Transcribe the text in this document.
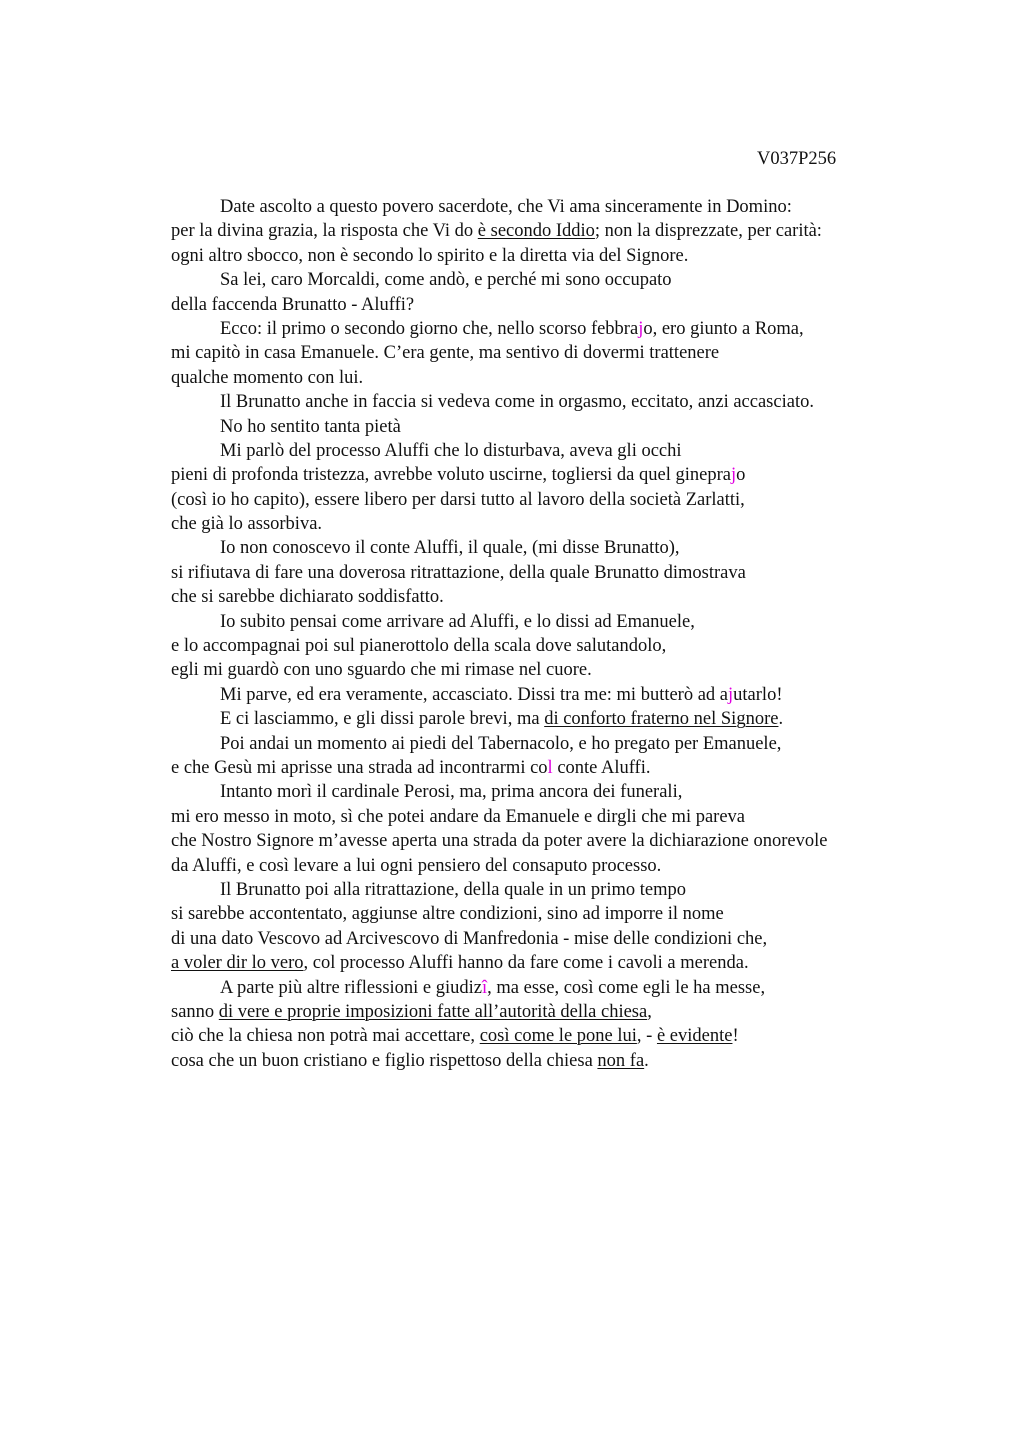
V037P256
Date ascolto a questo povero sacerdote, che Vi ama sinceramente in Domino:
per la divina grazia, la risposta che Vi do è secondo Iddio; non la disprezzate, per carità:
ogni altro sbocco, non è secondo lo spirito e la diretta via del Signore.
Sa lei, caro Morcaldi, come andò, e perché mi sono occupato
della faccenda Brunatto - Aluffi?
Ecco: il primo o secondo giorno che, nello scorso febbrajo, ero giunto a Roma,
mi capitò in casa Emanuele. C’era gente, ma sentivo di dovermi trattenere
qualche momento con lui.
Il Brunatto anche in faccia si vedeva come in orgasmo, eccitato, anzi accasciato.
No ho sentito tanta pietà
Mi parlò del processo Aluffi che lo disturbava, aveva gli occhi
pieni di profonda tristezza, avrebbe voluto uscirne, togliersi da quel gineprajo
(così io ho capito), essere libero per darsi tutto al lavoro della società Zarlatti,
che già lo assorbiva.
Io non conoscevo il conte Aluffi, il quale, (mi disse Brunatto),
si rifiutava di fare una doverosa ritrattazione, della quale Brunatto dimostrava
che si sarebbe dichiarato soddisfatto.
Io subito pensai come arrivare ad Aluffi, e lo dissi ad Emanuele,
e lo accompagnai poi sul pianerottolo della scala dove salutandolo,
egli mi guardò con uno sguardo che mi rimase nel cuore.
Mi parve, ed era veramente, accasciato. Dissi tra me: mi butterò ad ajutarlo!
E ci lasciammo, e gli dissi parole brevi, ma di conforto fraterno nel Signore.
Poi andai un momento ai piedi del Tabernacolo, e ho pregato per Emanuele,
e che Gesù mi aprisse una strada ad incontrarmi col conte Aluffi.
Intanto morì il cardinale Perosi, ma, prima ancora dei funerali,
mi ero messo in moto, sì che potei andare da Emanuele e dirgli che mi pareva
che Nostro Signore m’avesse aperta una strada da poter avere la dichiarazione onorevole
da Aluffi, e così levare a lui ogni pensiero del consaputo processo.
Il Brunatto poi alla ritrattazione, della quale in un primo tempo
si sarebbe accontentato, aggiunse altre condizioni, sino ad imporre il nome
di una dato Vescovo ad Arcivescovo di Manfredonia - mise delle condizioni che,
a voler dir lo vero, col processo Aluffi hanno da fare come i cavoli a merenda.
A parte più altre riflessioni e giudizî, ma esse, così come egli le ha messe,
sanno di vere e proprie imposizioni fatte all’autorità della chiesa,
ciò che la chiesa non potrà mai accettare, così come le pone lui, - è evidente!
cosa che un buon cristiano e figlio rispettoso della chiesa non fa.
